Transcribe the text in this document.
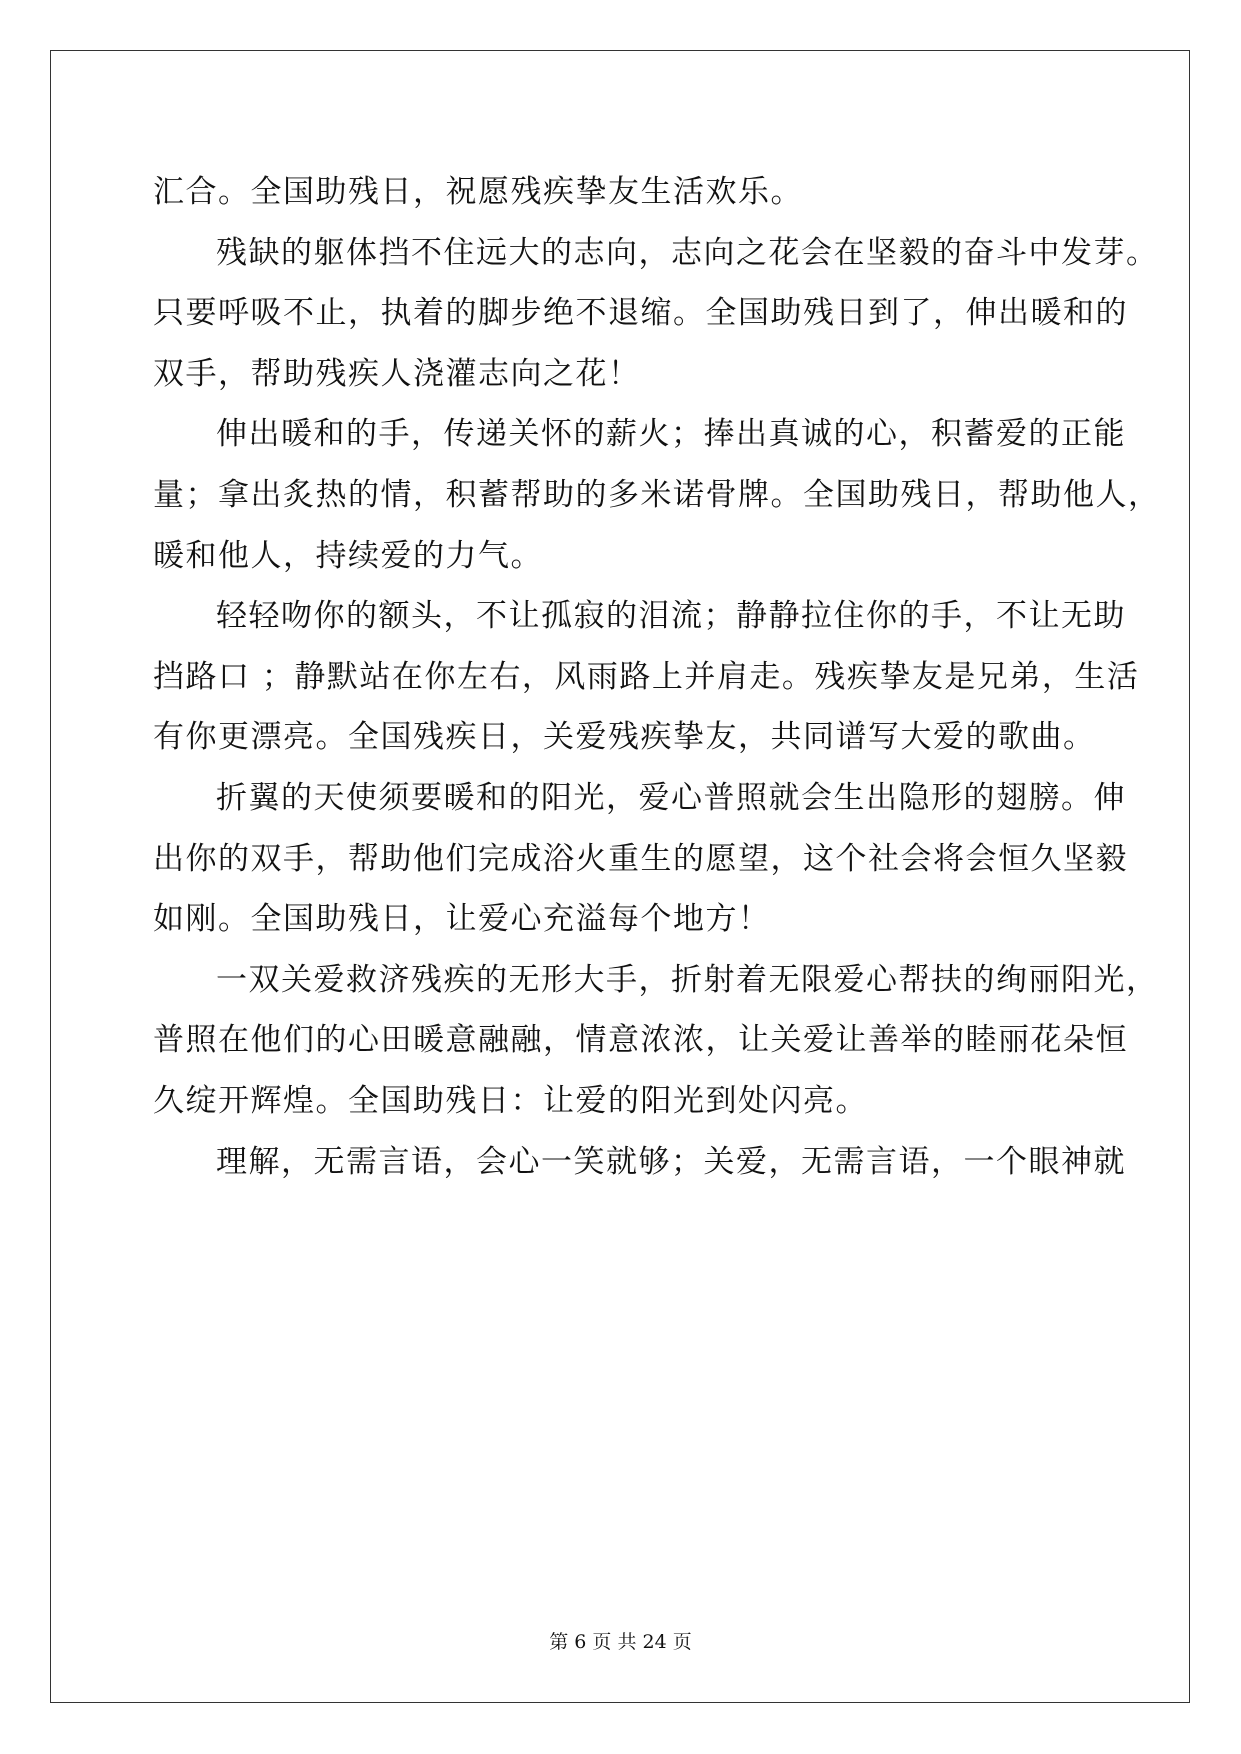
汇合。全国助残日，祝愿残疾挚友生活欢乐。
残缺的躯体挡不住远大的志向，志向之花会在坚毅的奋斗中发芽。
只要呼吸不止，执着的脚步绝不退缩。全国助残日到了，伸出暖和的
双手，帮助残疾人浇灌志向之花！
伸出暖和的手，传递关怀的薪火；捧出真诚的心，积蓄爱的正能
量；拿出炙热的情，积蓄帮助的多米诺骨牌。全国助残日，帮助他人，
暖和他人，持续爱的力气。
轻轻吻你的额头，不让孤寂的泪流；静静拉住你的手，不让无助
挡路口 ；静默站在你左右，风雨路上并肩走。残疾挚友是兄弟，生活
有你更漂亮。全国残疾日，关爱残疾挚友，共同谱写大爱的歌曲。
折翼的天使须要暖和的阳光，爱心普照就会生出隐形的翅膀。伸
出你的双手，帮助他们完成浴火重生的愿望，这个社会将会恒久坚毅
如刚。全国助残日，让爱心充溢每个地方！
一双关爱救济残疾的无形大手，折射着无限爱心帮扶的绚丽阳光，
普照在他们的心田暖意融融，情意浓浓，让关爱让善举的睦丽花朵恒
久绽开辉煌。全国助残日：让爱的阳光到处闪亮。
理解，无需言语，会心一笑就够；关爱，无需言语，一个眼神就
第 6 页 共 24 页
